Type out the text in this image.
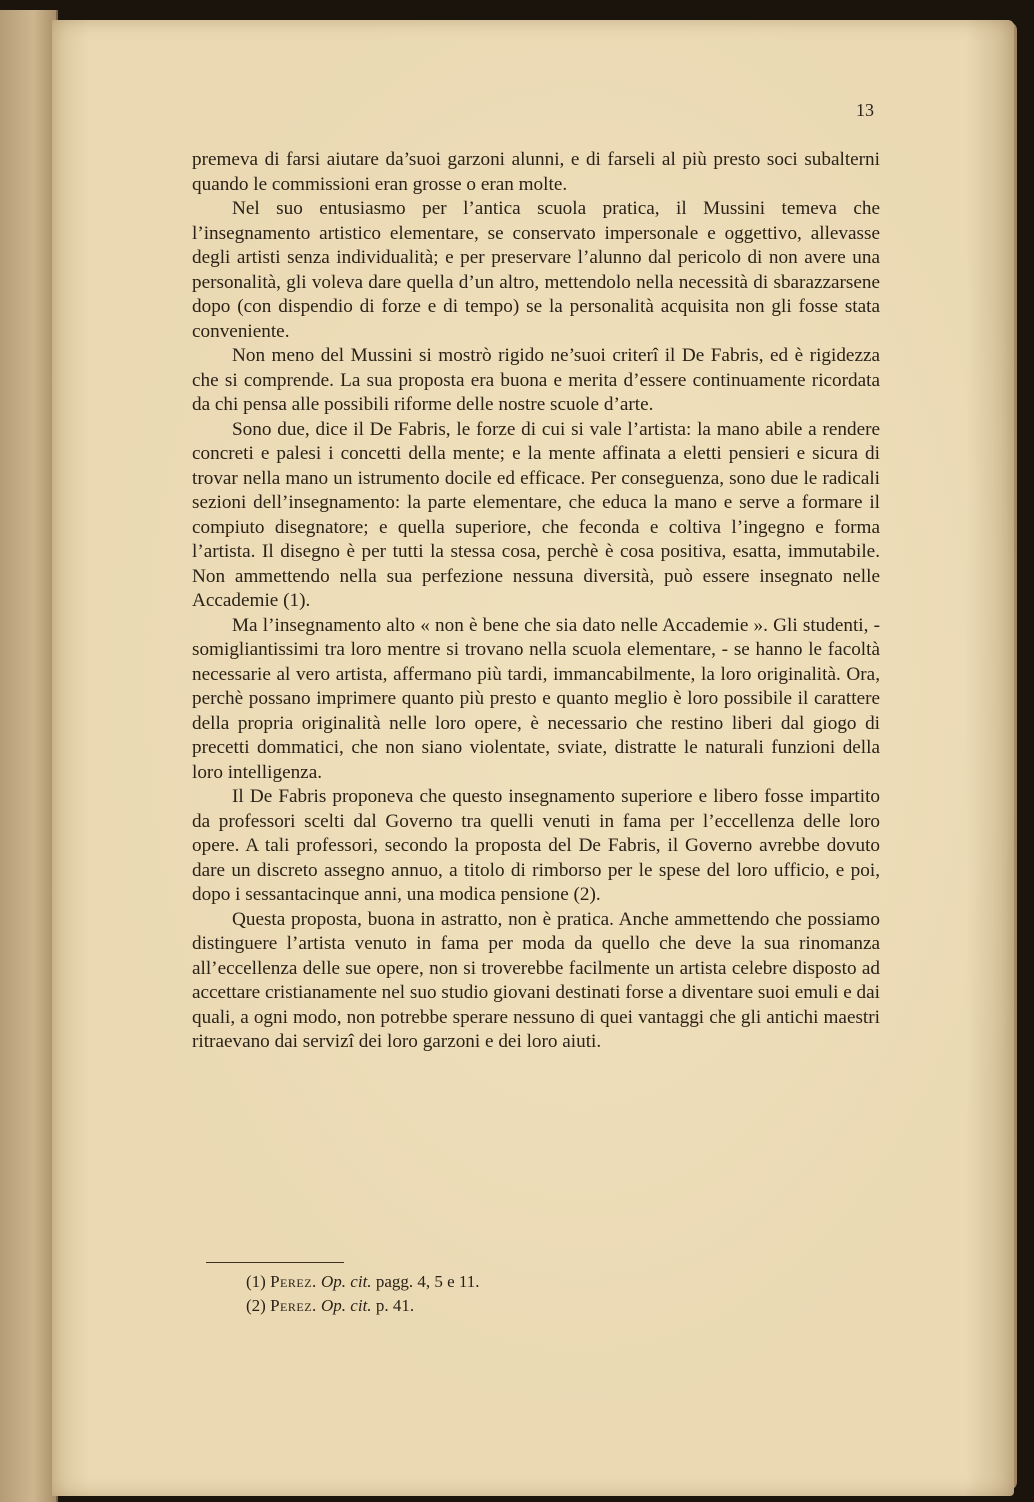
13

premeva di farsi aiutare da’suoi garzoni alunni, e di farseli al più presto soci subalterni quando le commissioni eran grosse o eran molte.

Nel suo entusiasmo per l’antica scuola pratica, il Mussini temeva che l’insegnamento artistico elementare, se conservato impersonale e oggettivo, allevasse degli artisti senza individualità; e per preservare l’alunno dal pericolo di non avere una personalità, gli voleva dare quella d’un altro, mettendolo nella necessità di sbarazzarsene dopo (con dispendio di forze e di tempo) se la personalità acquisita non gli fosse stata conveniente.

Non meno del Mussini si mostrò rigido ne’suoi criterî il De Fabris, ed è rigidezza che si comprende. La sua proposta era buona e merita d’essere continuamente ricordata da chi pensa alle possibili riforme delle nostre scuole d’arte.

Sono due, dice il De Fabris, le forze di cui si vale l’artista: la mano abile a rendere concreti e palesi i concetti della mente; e la mente affinata a eletti pensieri e sicura di trovar nella mano un istrumento docile ed efficace. Per conseguenza, sono due le radicali sezioni dell’insegnamento: la parte elementare, che educa la mano e serve a formare il compiuto disegnatore; e quella superiore, che feconda e coltiva l’ingegno e forma l’artista. Il disegno è per tutti la stessa cosa, perchè è cosa positiva, esatta, immutabile. Non ammettendo nella sua perfezione nessuna diversità, può essere insegnato nelle Accademie (1).

Ma l’insegnamento alto « non è bene che sia dato nelle Accademie ». Gli studenti, - somigliantissimi tra loro mentre si trovano nella scuola elementare, - se hanno le facoltà necessarie al vero artista, affermano più tardi, immancabilmente, la loro originalità. Ora, perchè possano imprimere quanto più presto e quanto meglio è loro possibile il carattere della propria originalità nelle loro opere, è necessario che restino liberi dal giogo di precetti dommatici, che non siano violentate, sviate, distratte le naturali funzioni della loro intelligenza.

Il De Fabris proponeva che questo insegnamento superiore e libero fosse impartito da professori scelti dal Governo tra quelli venuti in fama per l’eccellenza delle loro opere. A tali professori, secondo la proposta del De Fabris, il Governo avrebbe dovuto dare un discreto assegno annuo, a titolo di rimborso per le spese del loro ufficio, e poi, dopo i sessantacinque anni, una modica pensione (2).

Questa proposta, buona in astratto, non è pratica. Anche ammettendo che possiamo distinguere l’artista venuto in fama per moda da quello che deve la sua rinomanza all’eccellenza delle sue opere, non si troverebbe facilmente un artista celebre disposto ad accettare cristianamente nel suo studio giovani destinati forse a diventare suoi emuli e dai quali, a ogni modo, non potrebbe sperare nessuno di quei vantaggi che gli antichi maestri ritraevano dai servizî dei loro garzoni e dei loro aiuti.

(1) Perez. Op. cit. pagg. 4, 5 e 11.

(2) Perez. Op. cit. p. 41.
